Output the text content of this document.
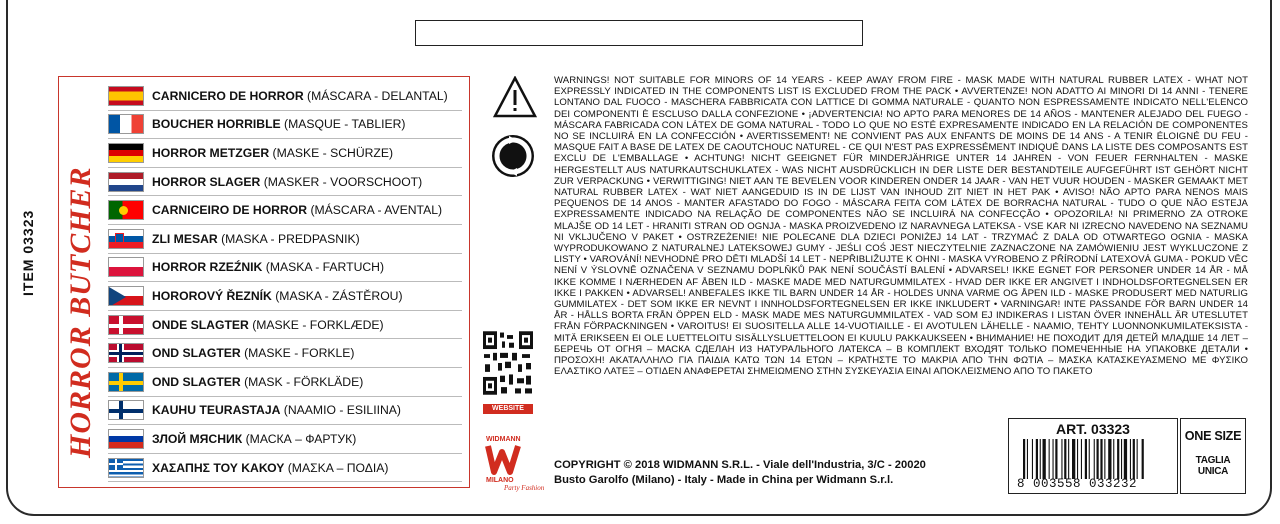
ITEM 03323 HORROR BUTCHER
CARNICERO DE HORROR (MÁSCARA - DELANTAL)
BOUCHER HORRIBLE (MASQUE - TABLIER)
HORROR METZGER (MASKE - SCHÜRZE)
HORROR SLAGER (MASKER - VOORSCHOOT)
CARNICEIRO DE HORROR (MÁSCARA - AVENTAL)
ZLI MESAR (MASKA - PREDPASNIK)
HORROR RZEŹNIK (MASKA - FARTUCH)
HOROROVÝ ŘEZNÍK (MASKA - ZÁSTĚROU)
ONDE SLAGTER (MASKE - FORKLÆDE)
OND SLAGTER (MASKE - FORKLE)
OND SLAGTER (MASK - FÖRKLÄDE)
KAUHU TEURASTAJA (NAAMIO - ESILIINA)
ЗЛОЙ МЯСНИК (МАСКА – ФАРТУК)
ΧΑΣΑΠΗΣ ΤΟΥ ΚΑΚΟΥ (ΜΑΣΚΑ – ΠΟΔΙΑ)
WEBSITE
WIDMANN
MILANO
Party Fashion
WARNINGS! NOT SUITABLE FOR MINORS OF 14 YEARS - KEEP AWAY FROM FIRE - MASK MADE WITH NATURAL RUBBER LATEX - WHAT NOT EXPRESSLY INDICATED IN THE COMPONENTS LIST IS EXCLUDED FROM THE PACK • AVVERTENZE! NON ADATTO AI MINORI DI 14 ANNI - TENERE LONTANO DAL FUOCO - MASCHERA FABBRICATA CON LATTICE DI GOMMA NATURALE - QUANTO NON ESPRESSAMENTE INDICATO NELL'ELENCO DEI COMPONENTI È ESCLUSO DALLA CONFEZIONE • ¡ADVERTENCIA! NO APTO PARA MENORES DE 14 AÑOS - MANTENER ALEJADO DEL FUEGO - MÁSCARA FABRICADA CON LÁTEX DE GOMA NATURAL - TODO LO QUE NO ESTÉ EXPRESAMENTE INDICADO EN LA RELACIÓN DE COMPONENTES NO SE INCLUIRÁ EN LA CONFECCIÓN • AVERTISSEMENT! NE CONVIENT PAS AUX ENFANTS DE MOINS DE 14 ANS - A TENIR ÉLOIGNÉ DU FEU - MASQUE FAIT A BASE DE LATEX DE CAOUTCHOUC NATUREL - CE QUI N'EST PAS EXPRESSÉMENT INDIQUÉ DANS LA LISTE DES COMPOSANTS EST EXCLU DE L'EMBALLAGE • ACHTUNG! NICHT GEEIGNET FÜR MINDERJÄHRIGE UNTER 14 JAHREN - VON FEUER FERNHALTEN - MASKE HERGESTELLT AUS NATURKAUTSCHUKLATEX - WAS NICHT AUSDRÜCKLICH IN DER LISTE DER BESTANDTEILE AUFGEFÜHRT IST GEHÖRT NICHT ZUR VERPACKUNG • VERWITTIGING! NIET AAN TE BEVELEN VOOR KINDEREN ONDER 14 JAAR - VAN HET VUUR HOUDEN - MASKER GEMAAKT MET NATURAL RUBBER LATEX - WAT NIET AANGEDUID IS IN DE LIJST VAN INHOUD ZIT NIET IN HET PAK • AVISO! NÃO APTO PARA NENOS MAIS PEQUENOS DE 14 ANOS - MANTER AFASTADO DO FOGO - MÁSCARA FEITA COM LÁTEX DE BORRACHA NATURAL - TUDO O QUE NÃO ESTEJA EXPRESSAMENTE INDICADO NA RELAÇÃO DE COMPONENTES NÃO SE INCLUIRÁ NA CONFECÇÃO • OPOZORILA! NI PRIMERNO ZA OTROKE MLAJŠE OD 14 LET - HRANITI STRAN OD OGNJA - MASKA PROIZVEDENO IZ NARAVNEGA LATEKSA - VSE KAR NI IZRECNO NAVEDENO NA SEZNAMU NI VKLJUČENO V PAKET • OSTRZEŻENIE! NIE POLECANE DLA DZIECI PONIŻEJ 14 LAT - TRZYMAĆ Z DALA OD OTWARTEGO OGNIA - MASKA WYPRODUKOWANO Z NATURALNEJ LATEKSOWEJ GUMY - JEŚLI COŚ JEST NIECZYTELNIE ZAZNACZONE NA ZAMÓWIENIU JEST WYKLUCZONE Z LISTY • VAROVÁNÍ! NEVHODNÉ PRO DĚTI MLADŠÍ 14 LET - NEPŘIBLIŽUJTE K OHNI - MASKA VYROBENO Z PŘÍRODNÍ LATEXOVÁ GUMA - POKUD VĚC NENÍ V ÝSLOVNĚ OZNAČENA V SEZNAMU DOPLŇKŮ PAK NENÍ SOUČÁSTÍ BALENÍ • ADVARSEL! IKKE EGNET FOR PERSONER UNDER 14 ÅR - MÅ IKKE KOMME I NÆRHEDEN AF ÅBEN ILD - MASKE MADE MED NATURGUMMILATEX - HVAD DER IKKE ER ANGIVET I INDHOLDSFORTEGNELSEN ER IKKE I PAKKEN • ADVARSEL! ANBEFALES IKKE TIL BARN UNDER 14 ÅR - HOLDES UNNA VARME OG ÅPEN ILD - MASKE PRODUSERT MED NATURLIG GUMMILATEX - DET SOM IKKE ER NEVNT I INNHOLDSFORTEGNELSEN ER IKKE INKLUDERT • VARNINGAR! INTE PASSANDE FÖR BARN UNDER 14 ÅR - HÅLLS BORTA FRÅN ÖPPEN ELD - MASK MADE MES NATURGUMMILATEX - VAD SOM EJ INDIKERAS I LISTAN ÖVER INNEHÅLL ÄR UTESLUTET FRÅN FÖRPACKNINGEN • VAROITUS! EI SUOSITELLA ALLE 14-VUOTIAILLE - EI AVOTULEN LÄHELLE - NAAMIO, TEHTY LUONNONKUMILATEKSISTA - MITÄ ERIKSEEN EI OLE LUETTELOITU SISÄLLYSLUETTELOON EI KUULU PAKKAUKSEEN • ВНИМАНИЕ! НЕ ПОХОДИТ ДЛЯ ДЕТЕЙ МЛАДШЕ 14 ЛЕТ – БЕРЕЧЬ ОТ ОГНЯ – МАСКА СДЕЛАН ИЗ НАТУРАЛЬНОГО ЛАТЕКСА – В КОМПЛЕКТ ВХОДЯТ ТОЛЬКО ПОМЕЧЕННЫЕ НА УПАКОВКЕ ДЕТАЛИ • ΠΡΟΣΟΧΗ! ΑΚΑΤΑΛΛΗΛΟ ΓΙΑ ΠΑΙΔΙΑ ΚΑΤΩ ΤΩΝ 14 ΕΤΩΝ – ΚΡΑΤΗΣΤΕ ΤΟ ΜΑΚΡΙΑ ΑΠΟ ΤΗΝ ΦΩΤΙΑ – ΜΑΣΚΑ ΚΑΤΑΣΚΕΥΑΣΜΕΝΟ ΜΕ ΦΥΣΙΚΟ ΕΛΑΣΤΙΚΟ ΛΑΤΕΞ – ΟΤΙΔΕΝ ΑΝΑΦΕΡΕΤΑΙ ΣΗΜΕΙΩΜΕΝΟ ΣΤΗΝ ΣΥΣΚΕΥΑΣΙΑ ΕΙΝΑΙ ΑΠΟΚΛΕΙΣΜΕΝΟ ΑΠΟ ΤΟ ΠΑΚΕΤΟ
COPYRIGHT © 2018 WIDMANN S.R.L. - Viale dell'Industria, 3/C - 20020
Busto Garolfo (Milano) - Italy - Made in China per Widmann S.r.l.
ART. 03323
8 003558 033232
ONE SIZE
TAGLIA UNICA
